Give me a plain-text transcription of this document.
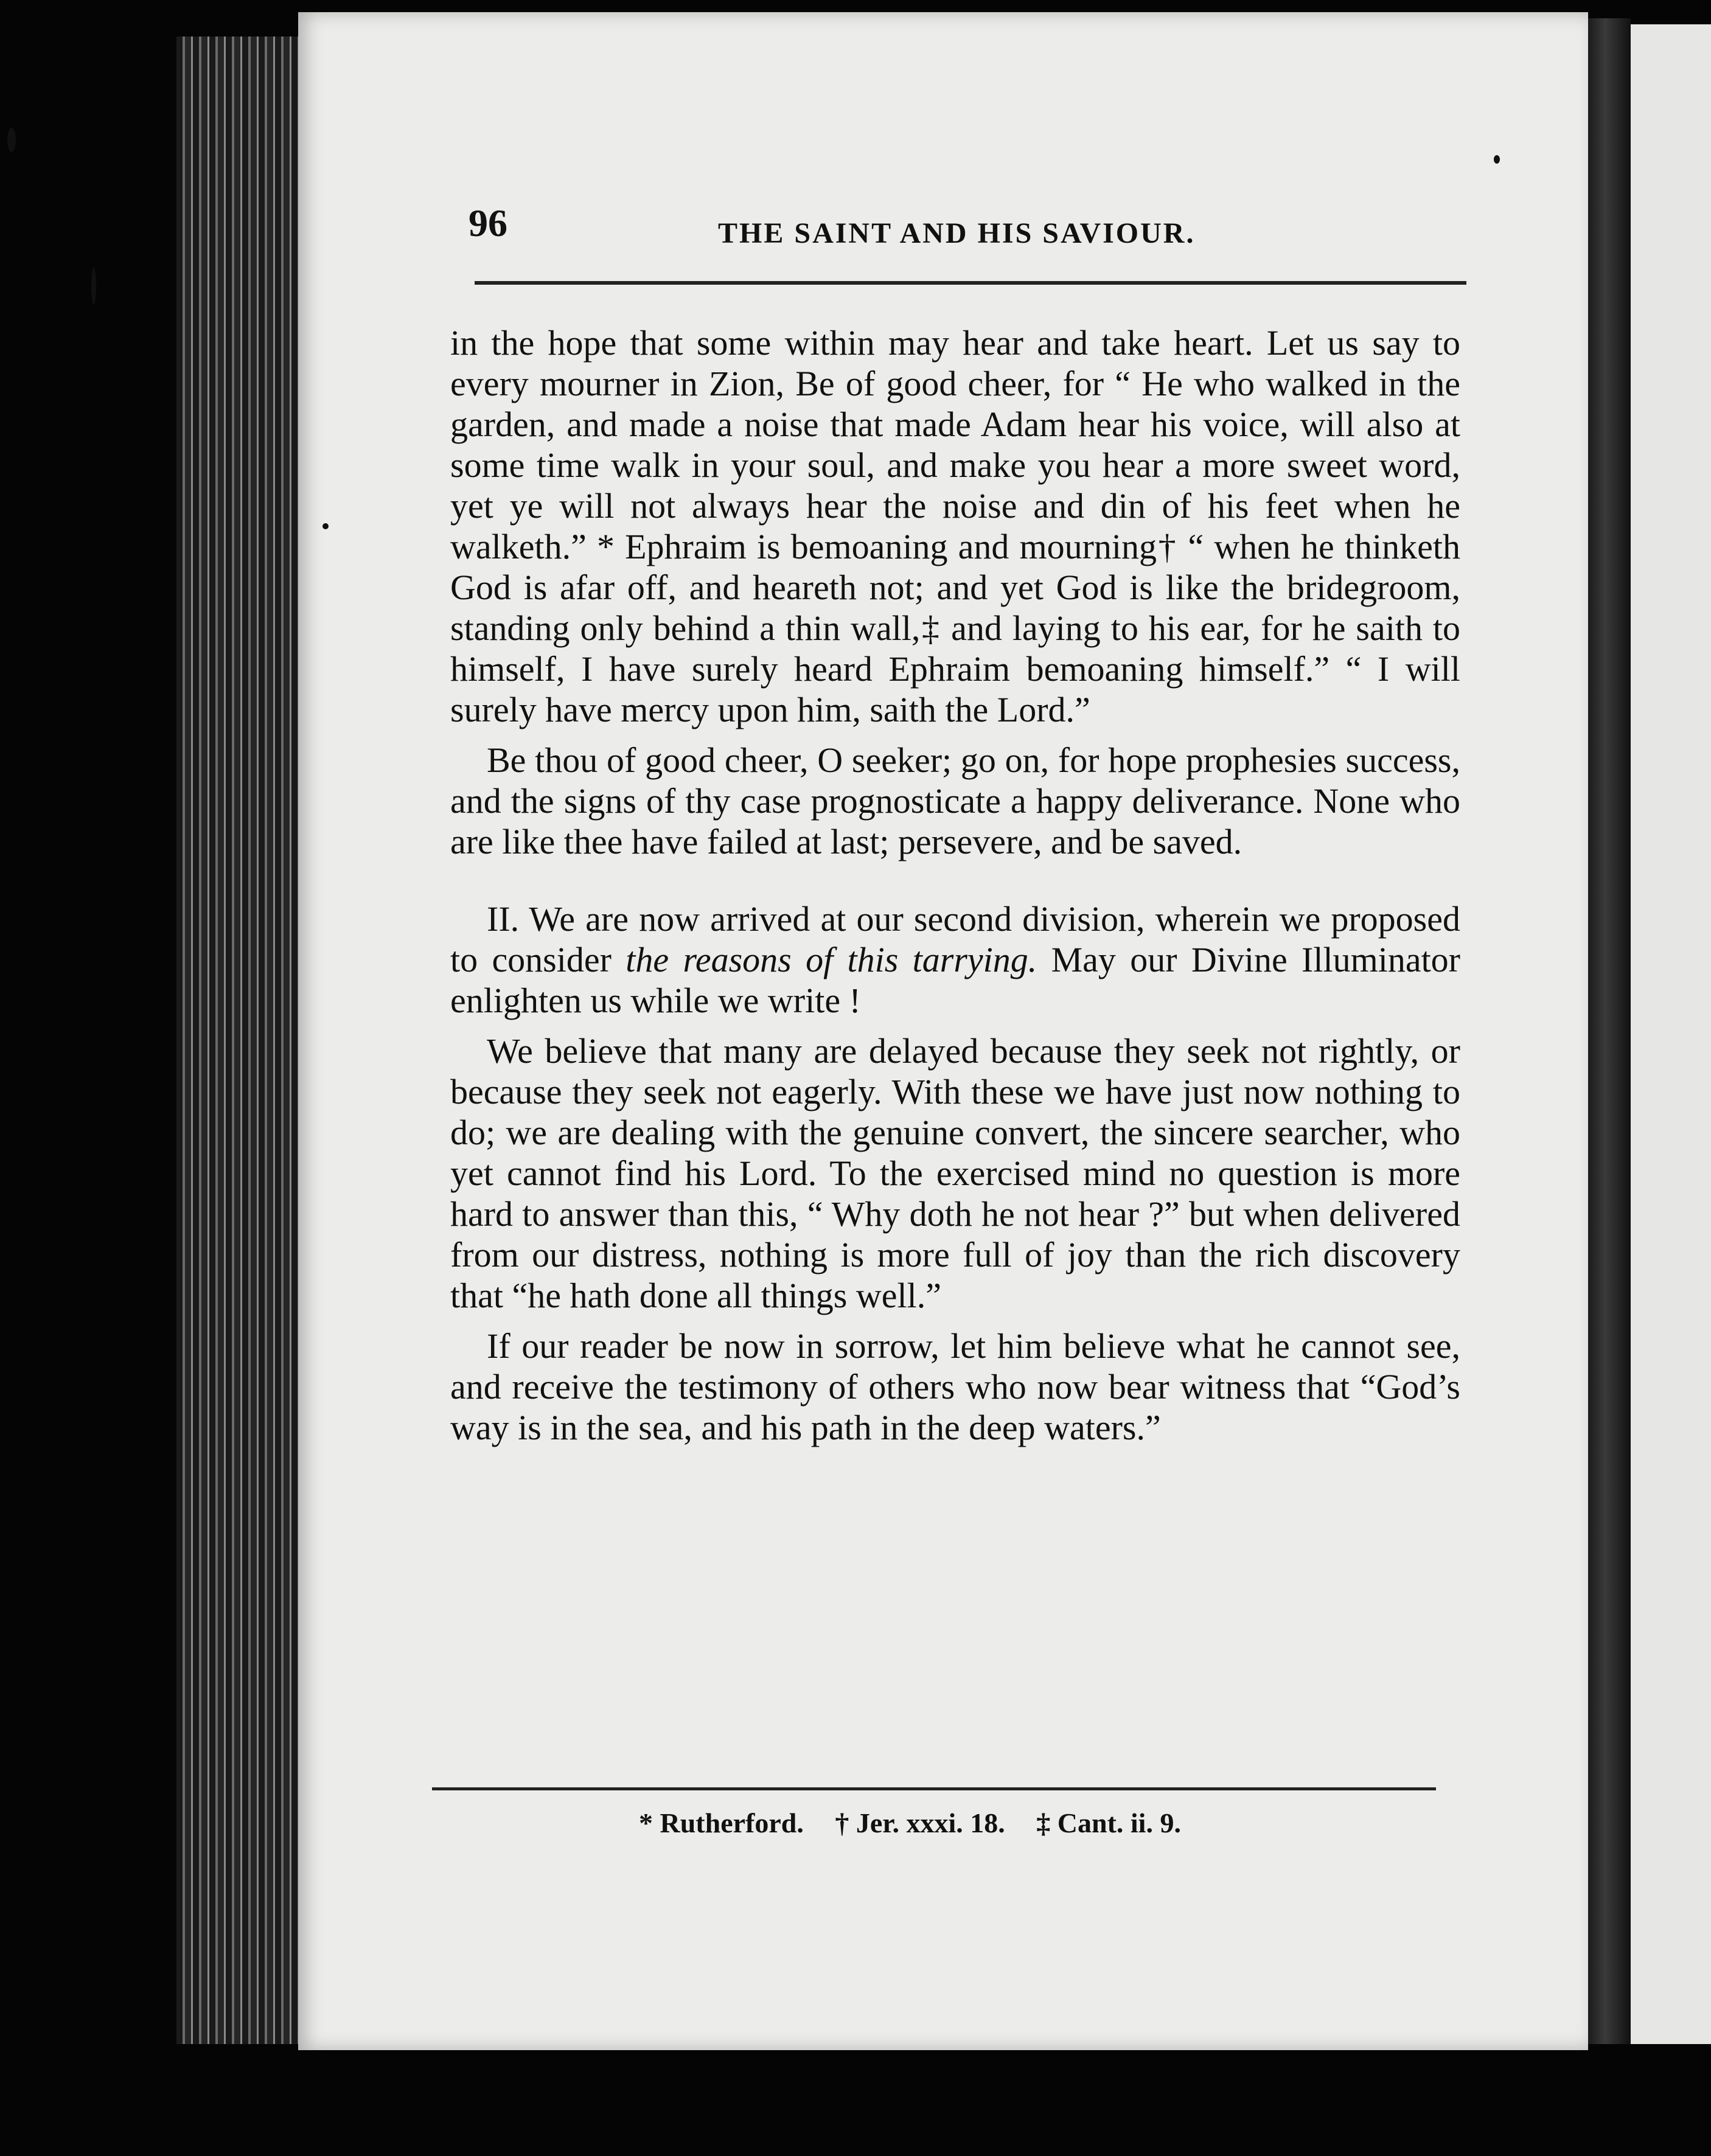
96	THE SAINT AND HIS SAVIOUR.

in the hope that some within may hear and take heart. Let us say to every mourner in Zion, Be of good cheer, for “ He who walked in the garden, and made a noise that made Adam hear his voice, will also at some time walk in your soul, and make you hear a more sweet word, yet ye will not always hear the noise and din of his feet when he walketh.” * Ephraim is bemoaning and mourning† “ when he thinketh God is afar off, and heareth not; and yet God is like the bridegroom, standing only behind a thin wall,‡ and laying to his ear, for he saith to himself, I have surely heard Ephraim bemoaning himself.” “ I will surely have mercy upon him, saith the Lord.”

Be thou of good cheer, O seeker; go on, for hope prophesies success, and the signs of thy case prognosticate a happy deliverance. None who are like thee have failed at last; persevere, and be saved.

II. We are now arrived at our second division, wherein we proposed to consider the reasons of this tarrying. May our Divine Illuminator enlighten us while we write !

We believe that many are delayed because they seek not rightly, or because they seek not eagerly. With these we have just now nothing to do; we are dealing with the genuine convert, the sincere searcher, who yet cannot find his Lord. To the exercised mind no question is more hard to answer than this, “ Why doth he not hear ?” but when delivered from our distress, nothing is more full of joy than the rich discovery that “he hath done all things well.”

If our reader be now in sorrow, let him believe what he cannot see, and receive the testimony of others who now bear witness that “God’s way is in the sea, and his path in the deep waters.”

* Rutherford. † Jer. xxxi. 18. ‡ Cant. ii. 9.
